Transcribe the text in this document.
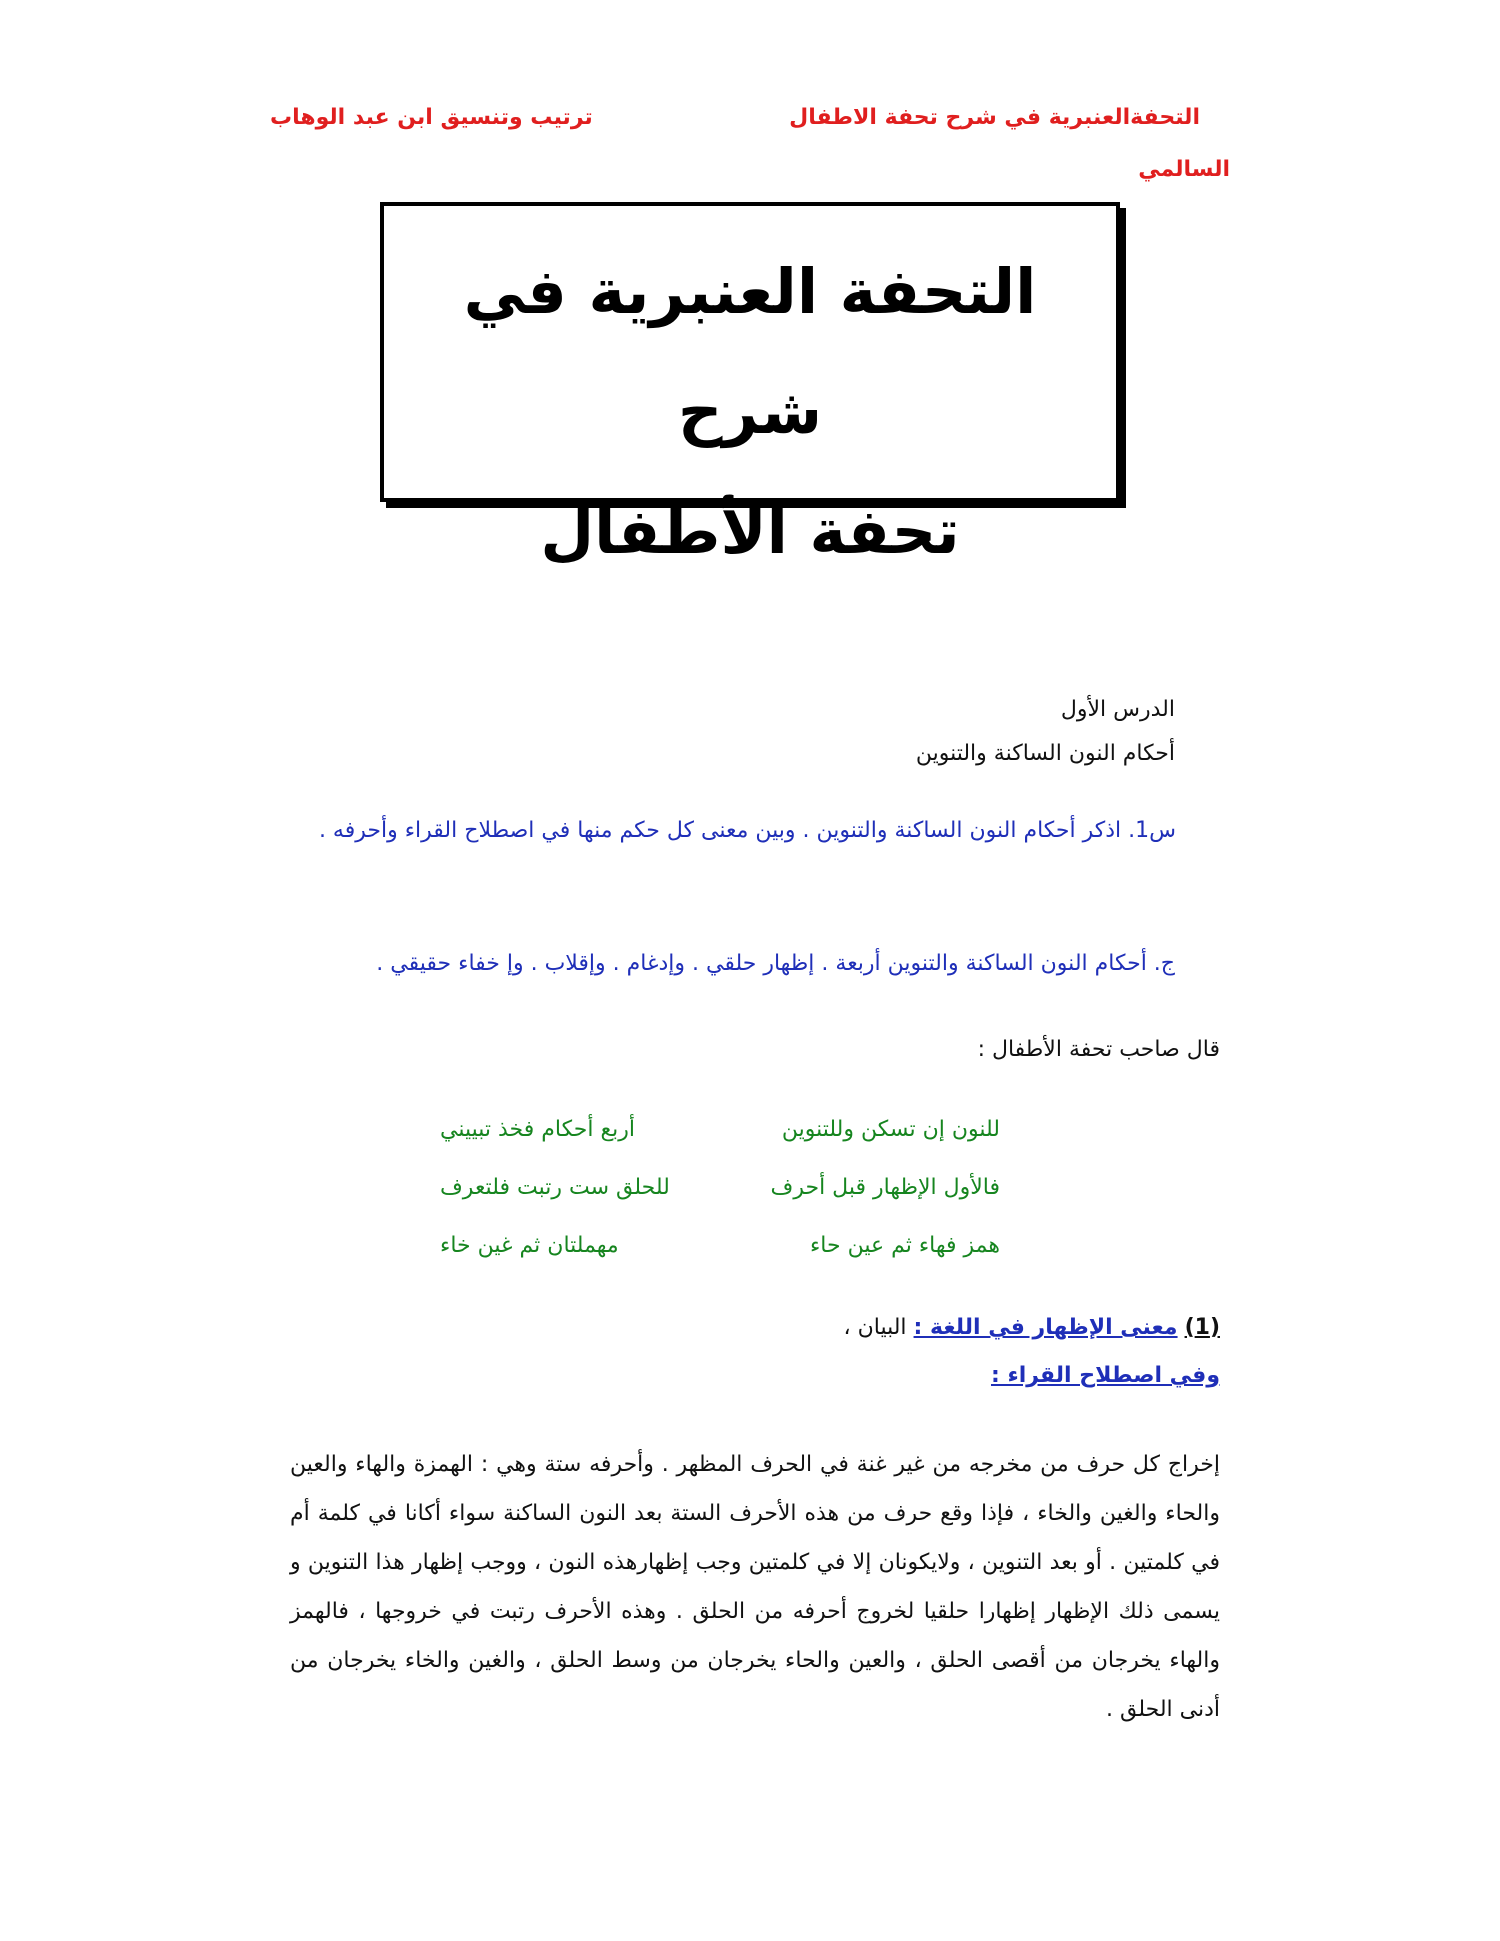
التحفةالعنبرية في شرح تحفة الاطفال
ترتيب وتنسيق ابن عبد الوهاب
السالمي
التحفة العنبرية في شرح
تحفة الأطفال
الدرس الأول
أحكام النون الساكنة والتنوين
س1. اذكر أحكام النون الساكنة والتنوين . وبين معنى كل حكم منها في اصطلاح القراء وأحرفه .
ج. أحكام النون الساكنة والتنوين أربعة . إظهار حلقي . وإدغام . وإقلاب . وإ خفاء حقيقي .
قال صاحب تحفة الأطفال :
للنون إن تسكن وللتنوين
أربع أحكام فخذ تبييني
فالأول الإظهار قبل أحرف
للحلق ست رتبت فلتعرف
همز فهاء ثم عين حاء
مهملتان ثم غين خاء
(1) معنى الإظهار في اللغة : البيان ،
وفي اصطلاح القراء :
إخراج كل حرف من مخرجه من غير غنة في الحرف المظهر . وأحرفه ستة وهي : الهمزة والهاء والعين والحاء والغين والخاء ، فإذا وقع حرف من هذه الأحرف الستة بعد النون الساكنة سواء أكانا في كلمة أم في كلمتين . أو بعد التنوين ، ولايكونان إلا في كلمتين وجب إظهارهذه النون ، ووجب إظهار هذا التنوين و يسمى ذلك الإظهار إظهارا حلقيا لخروج أحرفه من الحلق . وهذه الأحرف رتبت في خروجها ، فالهمز والهاء يخرجان من أقصى الحلق ، والعين والحاء يخرجان من وسط الحلق ، والغين والخاء يخرجان من أدنى الحلق .
